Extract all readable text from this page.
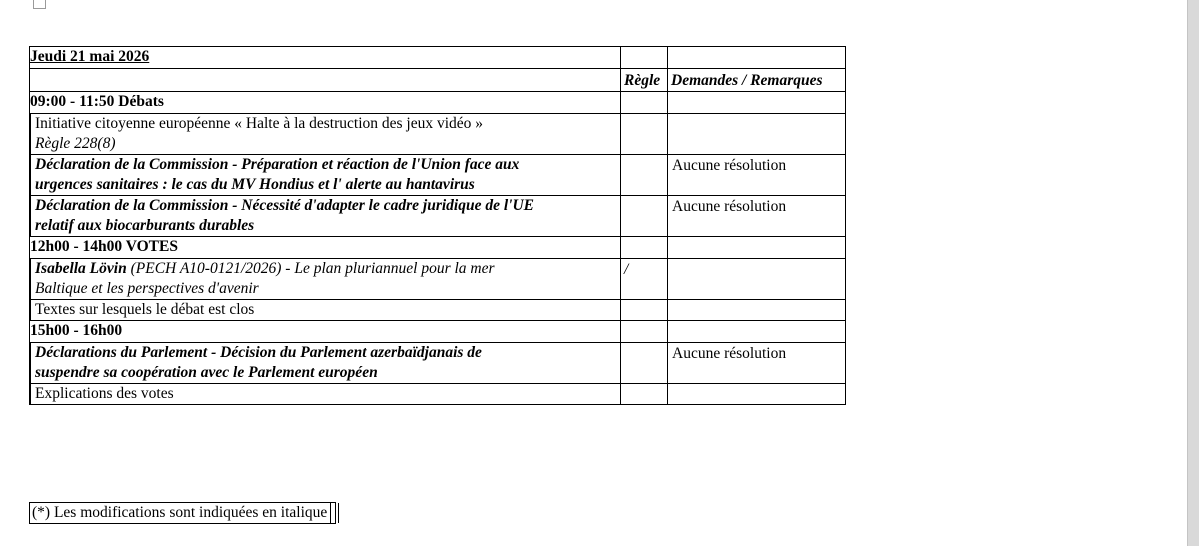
Jeudi 21 mai 2026		

	Règle	Demandes / Remarques

09:00 - 11:50 Débats		

Initiative citoyenne européenne « Halte à la destruction des jeux vidéo »
Règle 228(8)		

Déclaration de la Commission - Préparation et réaction de l'Union face aux
urgences sanitaires : le cas du MV Hondius et l' alerte au hantavirus		Aucune résolution

Déclaration de la Commission - Nécessité d'adapter le cadre juridique de l'UE
relatif aux biocarburants durables		Aucune résolution

12h00 - 14h00 VOTES		

Isabella Lövin (PECH A10-0121/2026) - Le plan pluriannuel pour la mer
Baltique et les perspectives d'avenir	/	

Textes sur lesquels le débat est clos		

15h00 - 16h00		

Déclarations du Parlement - Décision du Parlement azerbaïdjanais de
suspendre sa coopération avec le Parlement européen		Aucune résolution

Explications des votes		

(*) Les modifications sont indiquées en italique
